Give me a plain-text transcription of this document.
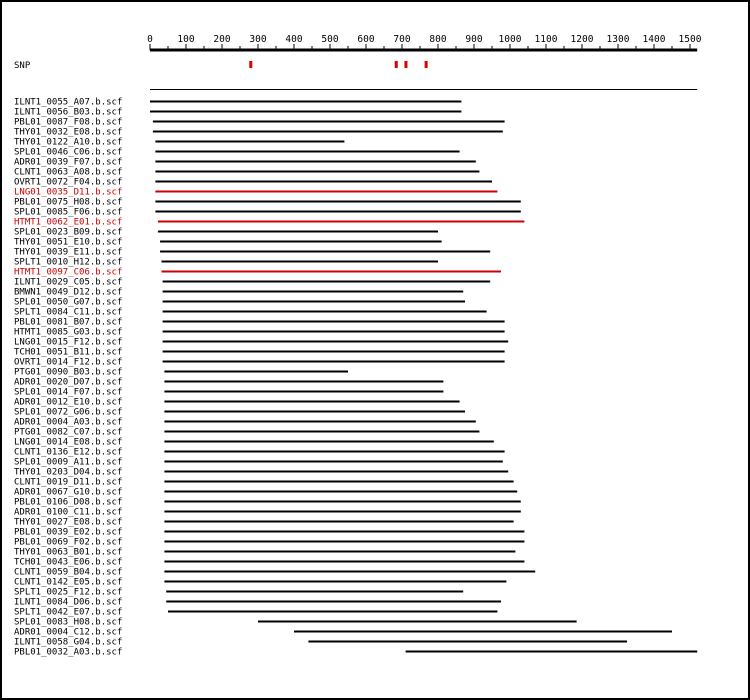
0	100 200 300 400 500 600 700 800 900 1000 1100 1200 1300 1400 1500
SNP
ILNT1_0055_A07.b.scf
ILNT1_0056_B03.b.scf
PBL01_0087_F08.b.scf
THY01_0032_E08.b.scf
THY01_0122_A10.b.scf
SPL01_0046_C06.b.scf
ADR01_0039_F07.b.scf
CLNT1_0063_A08.b.scf
OVRT1_0072_F04.b.scf
LNG01_0035_D11.b.scf
PBL01_0075_H08.b.scf
SPL01_0085_F06.b.scf
HTMT1_0062_E01.b.scf
SPL01_0023_B09.b.scf
THY01_0051_E10.b.scf
THY01_0039_E11.b.scf
SPLT1_0010_H12.b.scf
HTMT1_0097_C06.b.scf
ILNT1_0029_C05.b.scf
BMWN1_0049_D12.b.scf
SPL01_0050_G07.b.scf
SPLT1_0084_C11.b.scf
PBL01_0081_B07.b.scf
HTMT1_0085_G03.b.scf
LNG01_0015_F12.b.scf
TCH01_0051_B11.b.scf
OVRT1_0014_F12.b.scf
PTG01_0090_B03.b.scf
ADR01_0020_D07.b.scf
SPL01_0014_F07.b.scf
ADR01_0012_E10.b.scf
SPL01_0072_G06.b.scf
ADR01_0004_A03.b.scf
PTG01_0082_C07.b.scf
LNG01_0014_E08.b.scf
CLNT1_0136_E12.b.scf
SPL01_0009_A11.b.scf
THY01_0203_D04.b.scf
CLNT1_0019_D11.b.scf
ADR01_0067_G10.b.scf
PBL01_0106_D08.b.scf
ADR01_0100_C11.b.scf
THY01_0027_E08.b.scf
PBL01_0039_E02.b.scf
PBL01_0069_F02.b.scf
THY01_0063_B01.b.scf
TCH01_0043_E06.b.scf
CLNT1_0059_B04.b.scf
CLNT1_0142_E05.b.scf
SPLT1_0025_F12.b.scf
ILNT1_0084_D06.b.scf
SPLT1_0042_E07.b.scf
SPL01_0083_H08.b.scf
ADR01_0004_C12.b.scf
ILNT1_0058_G04.b.scf
PBL01_0032_A03.b.scf
